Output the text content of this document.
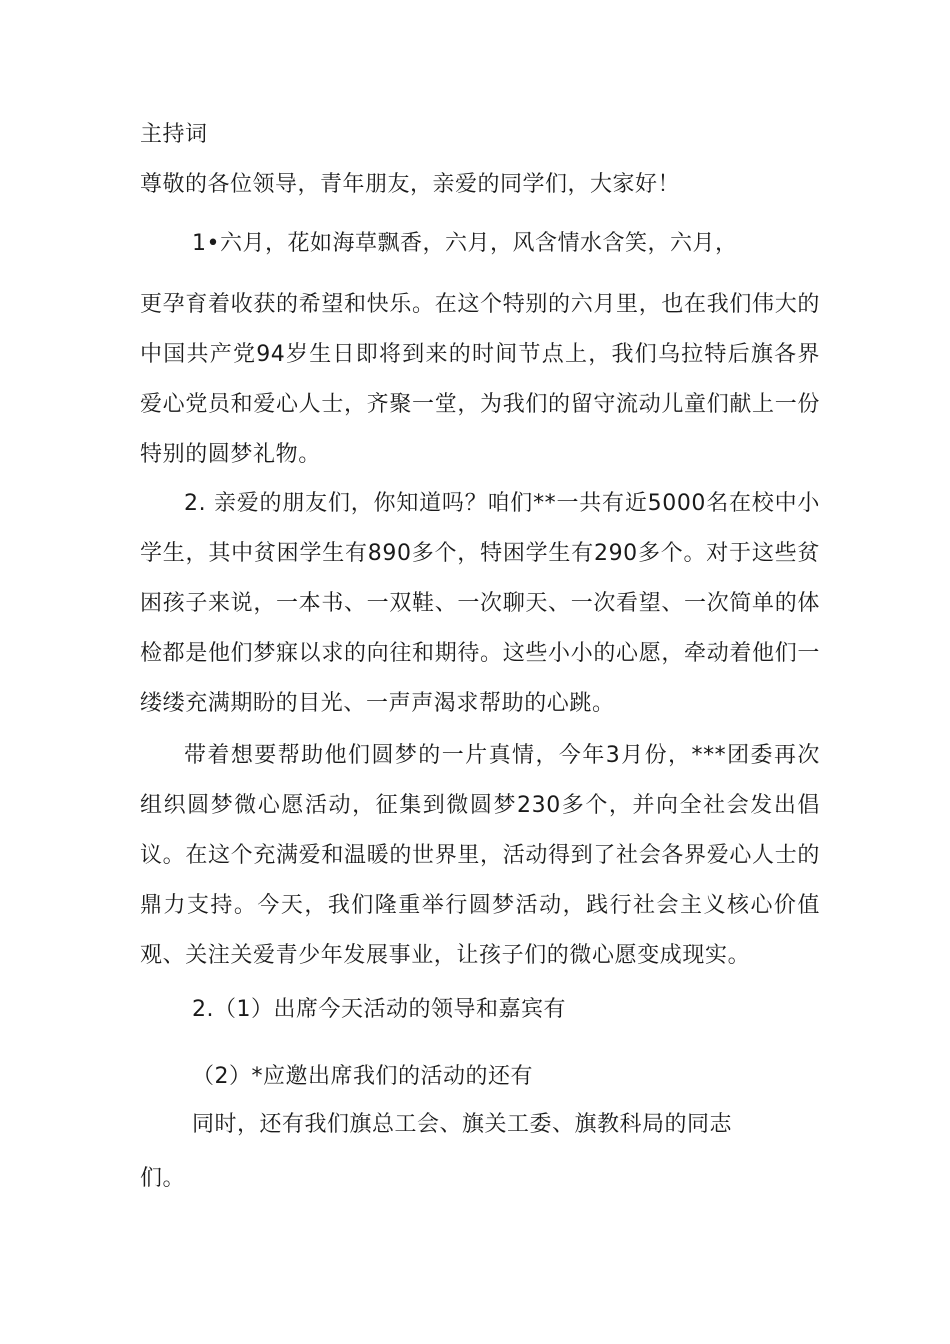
主持词
尊敬的各位领导，青年朋友，亲爱的同学们，大家好！
1•六月，花如海草飘香，六月，风含情水含笑，六月，
更孕育着收获的希望和快乐。在这个特别的六月里，也在我们伟大的中国共产党94岁生日即将到来的时间节点上，我们乌拉特后旗各界爱心党员和爱心人士，齐聚一堂，为我们的留守流动儿童们献上一份特别的圆梦礼物。
2. 亲爱的朋友们，你知道吗？咱们**一共有近5000名在校中小学生，其中贫困学生有890多个，特困学生有290多个。对于这些贫困孩子来说，一本书、一双鞋、一次聊天、一次看望、一次简单的体检都是他们梦寐以求的向往和期待。这些小小的心愿，牵动着他们一缕缕充满期盼的目光、一声声渴求帮助的心跳。
带着想要帮助他们圆梦的一片真情，今年3月份，***团委再次组织圆梦微心愿活动，征集到微圆梦230多个，并向全社会发出倡议。在这个充满爱和温暖的世界里，活动得到了社会各界爱心人士的鼎力支持。今天，我们隆重举行圆梦活动，践行社会主义核心价值观、关注关爱青少年发展事业，让孩子们的微心愿变成现实。
2.（1）出席今天活动的领导和嘉宾有
（2）*应邀出席我们的活动的还有
同时，还有我们旗总工会、旗关工委、旗教科局的同志
们。
